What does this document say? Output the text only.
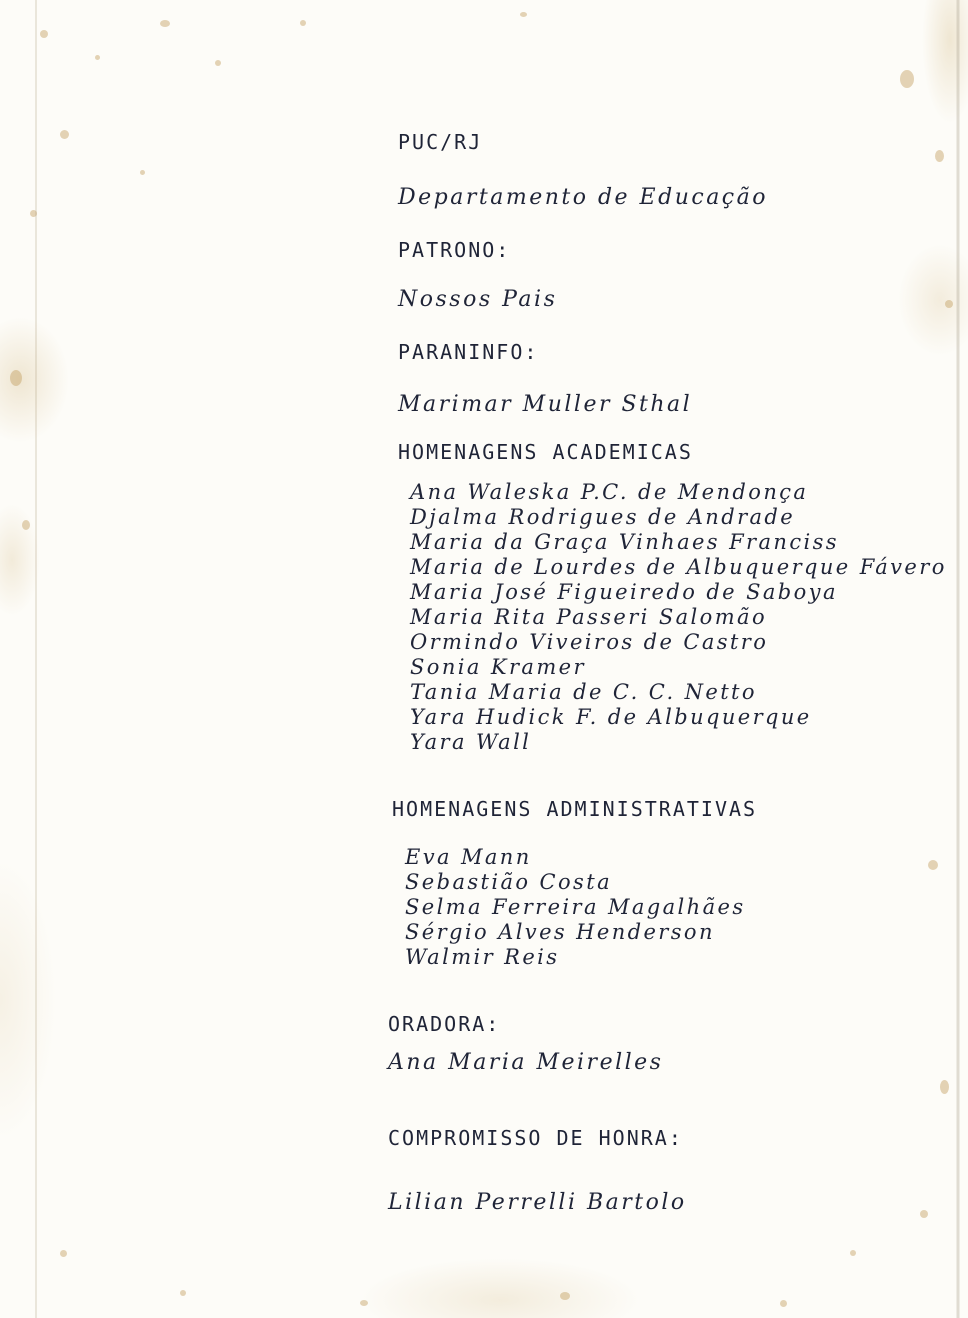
PUC/RJ
Departamento de Educação
PATRONO:
Nossos Pais
PARANINFO:
Marimar Muller Sthal
HOMENAGENS ACADEMICAS
Ana Waleska P.C. de Mendonça
Djalma Rodrigues de Andrade
Maria da Graça Vinhaes Franciss
Maria de Lourdes de Albuquerque Fávero
Maria José Figueiredo de Saboya
Maria Rita Passeri Salomão
Ormindo Viveiros de Castro
Sonia Kramer
Tania Maria de C. C. Netto
Yara Hudick F. de Albuquerque
Yara Wall
HOMENAGENS ADMINISTRATIVAS
Eva Mann
Sebastião Costa
Selma Ferreira Magalhães
Sérgio Alves Henderson
Walmir Reis
ORADORA:
Ana Maria Meirelles
COMPROMISSO DE HONRA:
Lilian Perrelli Bartolo
